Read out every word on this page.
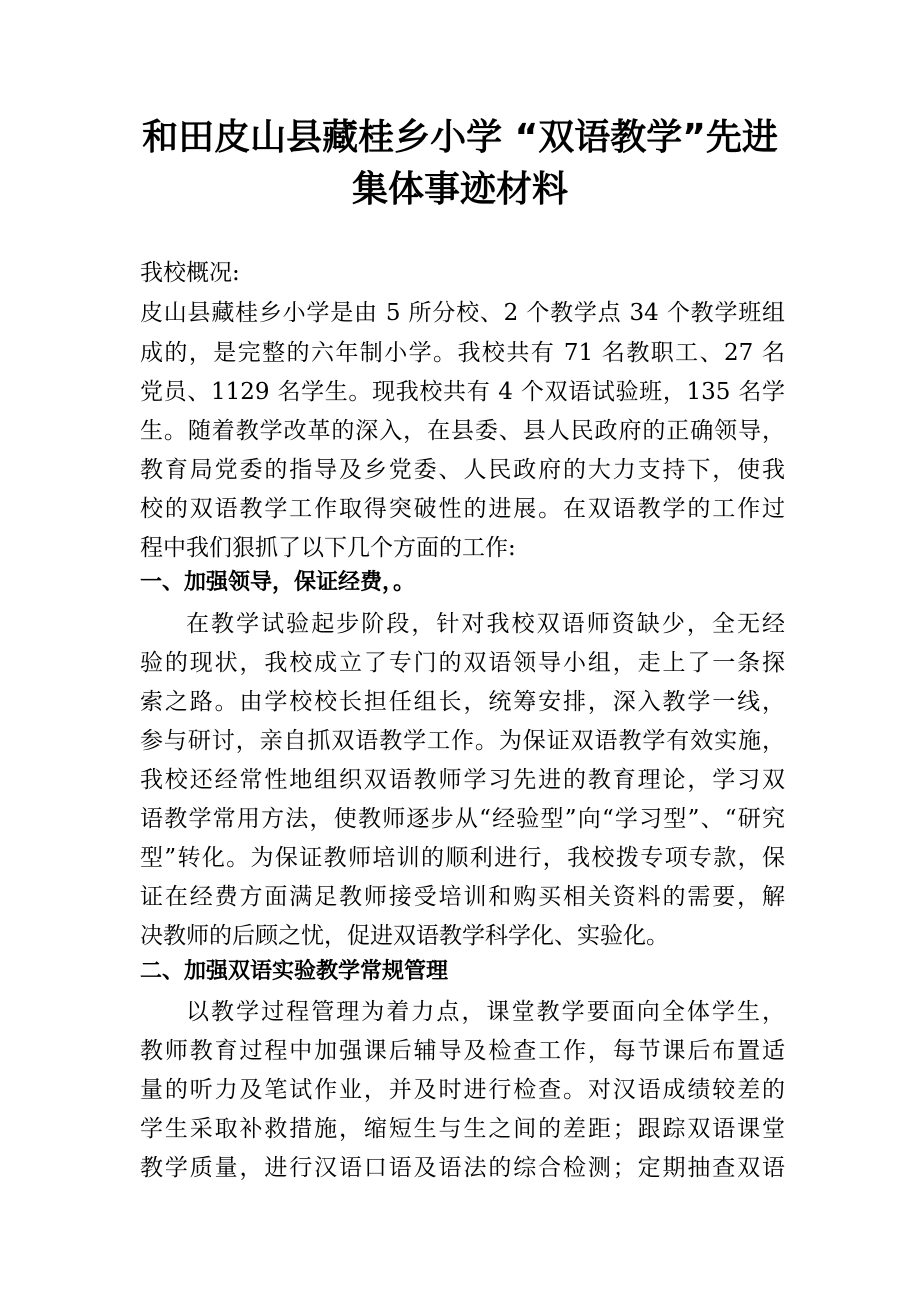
和田皮山县藏桂乡小学 “双语教学”先进
集体事迹材料
我校概况:
皮山县藏桂乡小学是由 5 所分校、2 个教学点 34 个教学班组
成的，是完整的六年制小学。我校共有 71 名教职工、27 名
党员、1129 名学生。现我校共有 4 个双语试验班，135 名学
生。随着教学改革的深入，在县委、县人民政府的正确领导，
教育局党委的指导及乡党委、人民政府的大力支持下，使我
校的双语教学工作取得突破性的进展。在双语教学的工作过
程中我们狠抓了以下几个方面的工作:
一、加强领导，保证经费，。
在教学试验起步阶段，针对我校双语师资缺少，全无经
验的现状，我校成立了专门的双语领导小组，走上了一条探
索之路。由学校校长担任组长，统筹安排，深入教学一线，
参与研讨，亲自抓双语教学工作。为保证双语教学有效实施，
我校还经常性地组织双语教师学习先进的教育理论，学习双
语教学常用方法，使教师逐步从“经验型”向“学习型”、“研究
型”转化。为保证教师培训的顺利进行，我校拨专项专款，保
证在经费方面满足教师接受培训和购买相关资料的需要，解
决教师的后顾之忧，促进双语教学科学化、实验化。
二、加强双语实验教学常规管理
以教学过程管理为着力点，课堂教学要面向全体学生，
教师教育过程中加强课后辅导及检查工作，每节课后布置适
量的听力及笔试作业，并及时进行检查。对汉语成绩较差的
学生采取补救措施，缩短生与生之间的差距；跟踪双语课堂
教学质量，进行汉语口语及语法的综合检测；定期抽查双语
